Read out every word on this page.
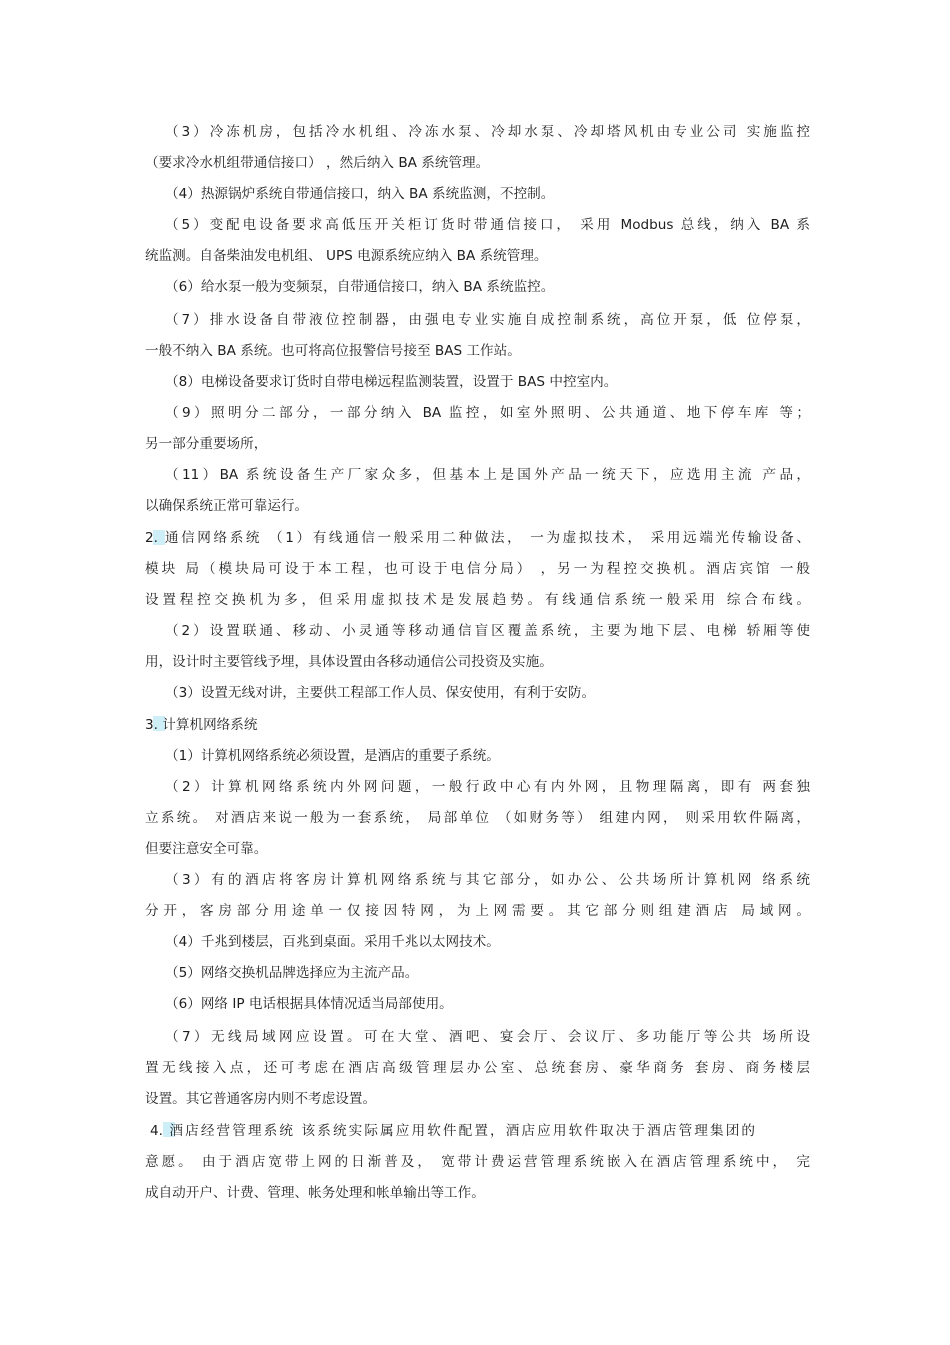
（3）冷冻机房，包括冷水机组、冷冻水泵、冷却水泵、冷却塔风机由专业公司 实施监控
（要求冷水机组带通信接口） ，然后纳入 BA 系统管理。
（4）热源锅炉系统自带通信接口，纳入 BA 系统监测，不控制。
（5）变配电设备要求高低压开关柜订货时带通信接口， 采用 Modbus 总线，纳入 BA 系
统监测。自备柴油发电机组、 UPS 电源系统应纳入 BA 系统管理。
（6）给水泵一般为变频泵，自带通信接口，纳入 BA 系统监控。
（7）排水设备自带液位控制器，由强电专业实施自成控制系统，高位开泵，低 位停泵，
一般不纳入 BA 系统。也可将高位报警信号接至 BAS 工作站。
（8）电梯设备要求订货时自带电梯远程监测装置，设置于 BAS 中控室内。
（9）照明分二部分，一部分纳入 BA 监控，如室外照明、公共通道、地下停车库 等；
另一部分重要场所，
（11）BA 系统设备生产厂家众多，但基本上是国外产品一统天下，应选用主流 产品，
以确保系统正常可靠运行。
2. 通信网络系统 （1）有线通信一般采用二种做法， 一为虚拟技术， 采用远端光传输设备、
模块 局（模块局可设于本工程，也可设于电信分局） ，另一为程控交换机。酒店宾馆 一般
设置程控交换机为多，但采用虚拟技术是发展趋势。有线通信系统一般采用 综合布线。
（2）设置联通、移动、小灵通等移动通信盲区覆盖系统，主要为地下层、电梯 轿厢等使
用，设计时主要管线予埋，具体设置由各移动通信公司投资及实施。
（3）设置无线对讲，主要供工程部工作人员、保安使用，有利于安防。
3. 计算机网络系统
（1）计算机网络系统必须设置，是酒店的重要子系统。
（2）计算机网络系统内外网问题，一般行政中心有内外网，且物理隔离，即有 两套独
立系统。 对酒店来说一般为一套系统， 局部单位 （如财务等） 组建内网， 则采用软件隔离，
但要注意安全可靠。
（3）有的酒店将客房计算机网络系统与其它部分，如办公、公共场所计算机网 络系统
分开，客房部分用途单一仅接因特网，为上网需要。其它部分则组建酒店 局域网。
（4）千兆到楼层，百兆到桌面。采用千兆以太网技术。
（5）网络交换机品牌选择应为主流产品。
（6）网络 IP 电话根据具体情况适当局部使用。
（7）无线局域网应设置。可在大堂、酒吧、宴会厅、会议厅、多功能厅等公共 场所设
置无线接入点，还可考虑在酒店高级管理层办公室、总统套房、豪华商务 套房、商务楼层
设置。其它普通客房内则不考虑设置。
4. 酒店经营管理系统 该系统实际属应用软件配置，酒店应用软件取决于酒店管理集团的
意愿。 由于酒店宽带上网的日渐普及， 宽带计费运营管理系统嵌入在酒店管理系统中， 完
成自动开户、计费、管理、帐务处理和帐单输出等工作。
